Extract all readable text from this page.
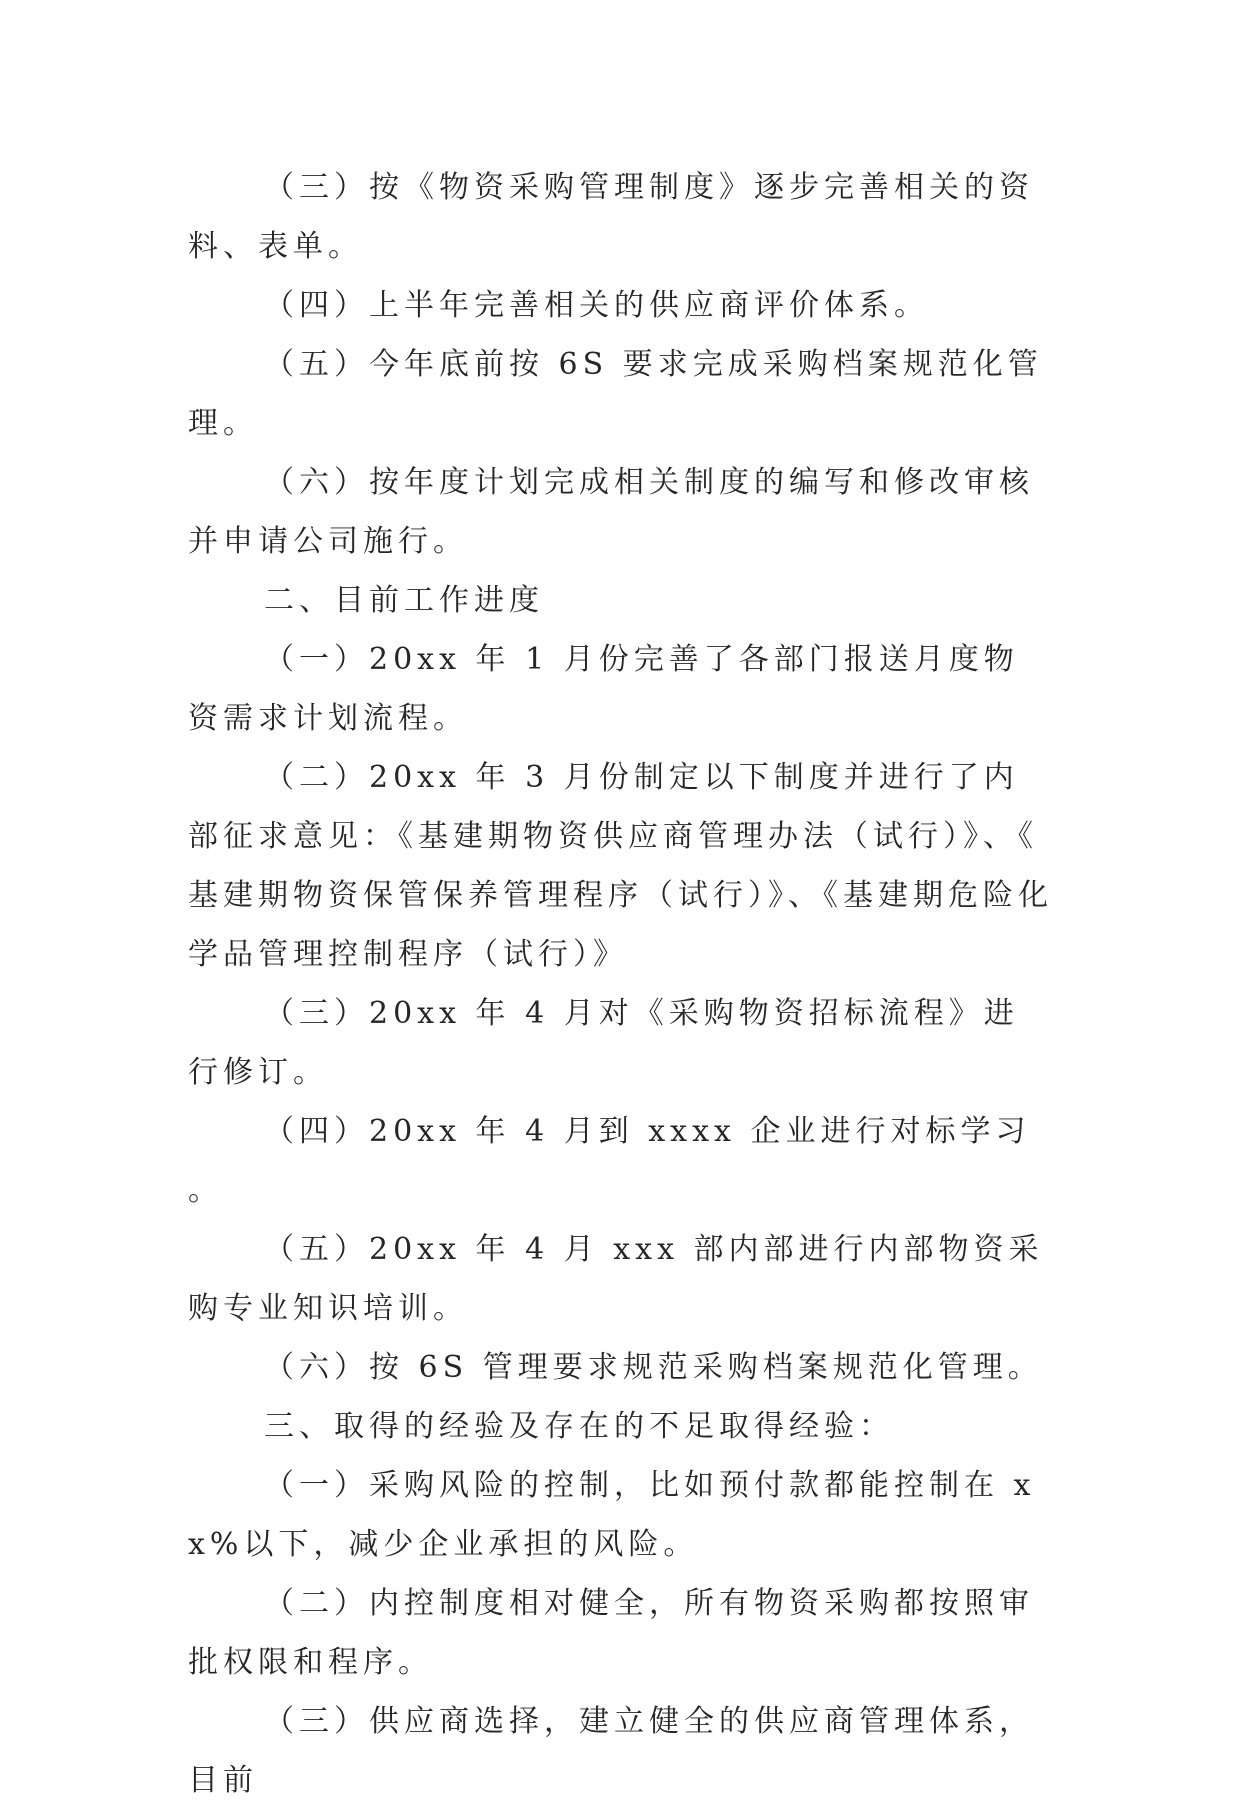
（三）按《物资采购管理制度》逐步完善相关的资料、表单。

（四）上半年完善相关的供应商评价体系。

（五）今年底前按 6S 要求完成采购档案规范化管理。

（六）按年度计划完成相关制度的编写和修改审核并申请公司施行。

二、目前工作进度

（一）20xx 年 1 月份完善了各部门报送月度物资需求计划流程。

（二）20xx 年 3 月份制定以下制度并进行了内部征求意见：《基建期物资供应商管理办法（试行）》、《基建期物资保管保养管理程序（试行）》、《基建期危险化学品管理控制程序（试行）》

（三）20xx 年 4 月对《采购物资招标流程》进行修订。

（四）20xx 年 4 月到 xxxx 企业进行对标学习。

（五）20xx 年 4 月 xxx 部内部进行内部物资采购专业知识培训。

（六）按 6S 管理要求规范采购档案规范化管理。

三、取得的经验及存在的不足取得经验：

（一）采购风险的控制，比如预付款都能控制在 xx%以下，减少企业承担的风险。

（二）内控制度相对健全，所有物资采购都按照审批权限和程序。

（三）供应商选择，建立健全的供应商管理体系，目前
